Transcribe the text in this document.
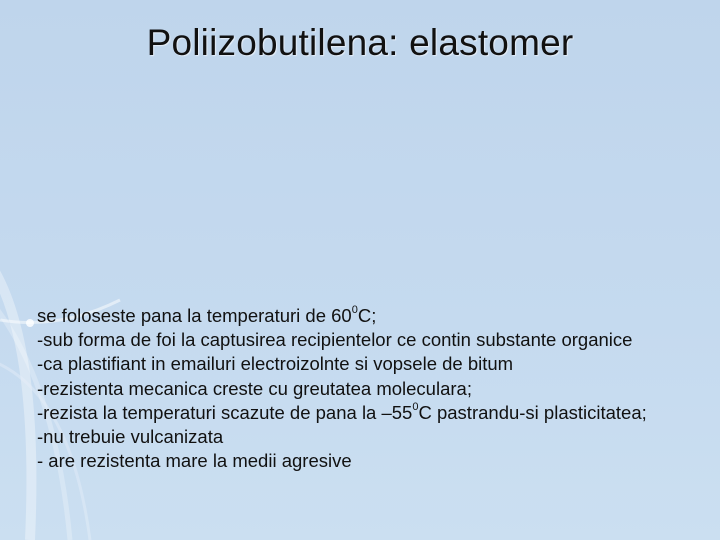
Poliizobutilena: elastomer
se foloseste pana la temperaturi de $60^0C$;
-sub forma de foi la captusirea recipientelor ce contin substante organice
-ca plastifiant in emailuri electroizolnte si vopsele de bitum
-rezistenta mecanica creste cu greutatea moleculara;
-rezista la temperaturi scazute de pana la $-55^0C$ pastrandu-si plasticitatea;
-nu trebuie vulcanizata
- are rezistenta mare la medii agresive
